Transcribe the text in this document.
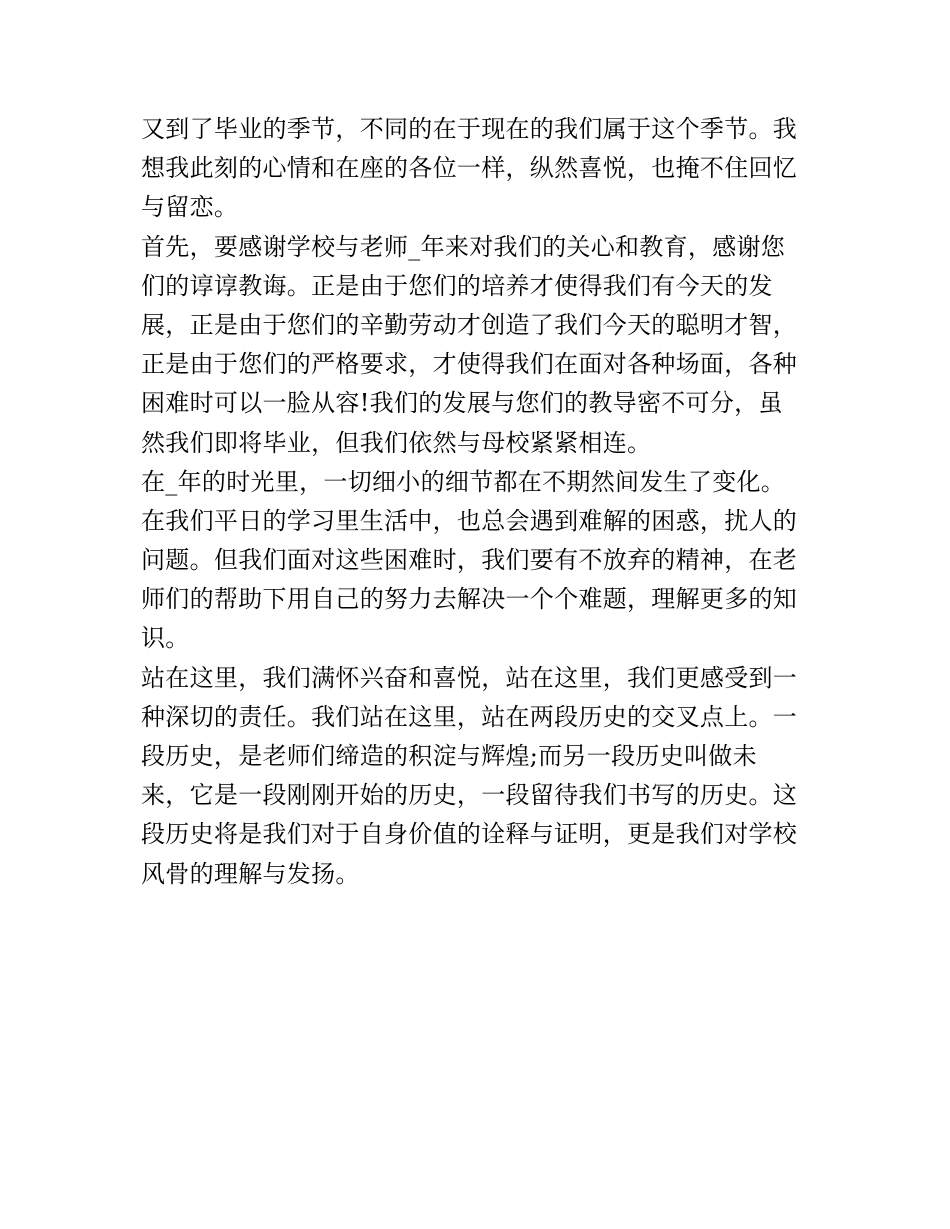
又到了毕业的季节，不同的在于现在的我们属于这个季节。我
想我此刻的心情和在座的各位一样，纵然喜悦，也掩不住回忆
与留恋。
首先，要感谢学校与老师_年来对我们的关心和教育，感谢您
们的谆谆教诲。正是由于您们的培养才使得我们有今天的发
展，正是由于您们的辛勤劳动才创造了我们今天的聪明才智，
正是由于您们的严格要求，才使得我们在面对各种场面，各种
困难时可以一脸从容!我们的发展与您们的教导密不可分，虽
然我们即将毕业，但我们依然与母校紧紧相连。
在_年的时光里，一切细小的细节都在不期然间发生了变化。
在我们平日的学习里生活中，也总会遇到难解的困惑，扰人的
问题。但我们面对这些困难时，我们要有不放弃的精神，在老
师们的帮助下用自己的努力去解决一个个难题，理解更多的知
识。
站在这里，我们满怀兴奋和喜悦，站在这里，我们更感受到一
种深切的责任。我们站在这里，站在两段历史的交叉点上。一
段历史，是老师们缔造的积淀与辉煌;而另一段历史叫做未
来，它是一段刚刚开始的历史，一段留待我们书写的历史。这
段历史将是我们对于自身价值的诠释与证明，更是我们对学校
风骨的理解与发扬。
